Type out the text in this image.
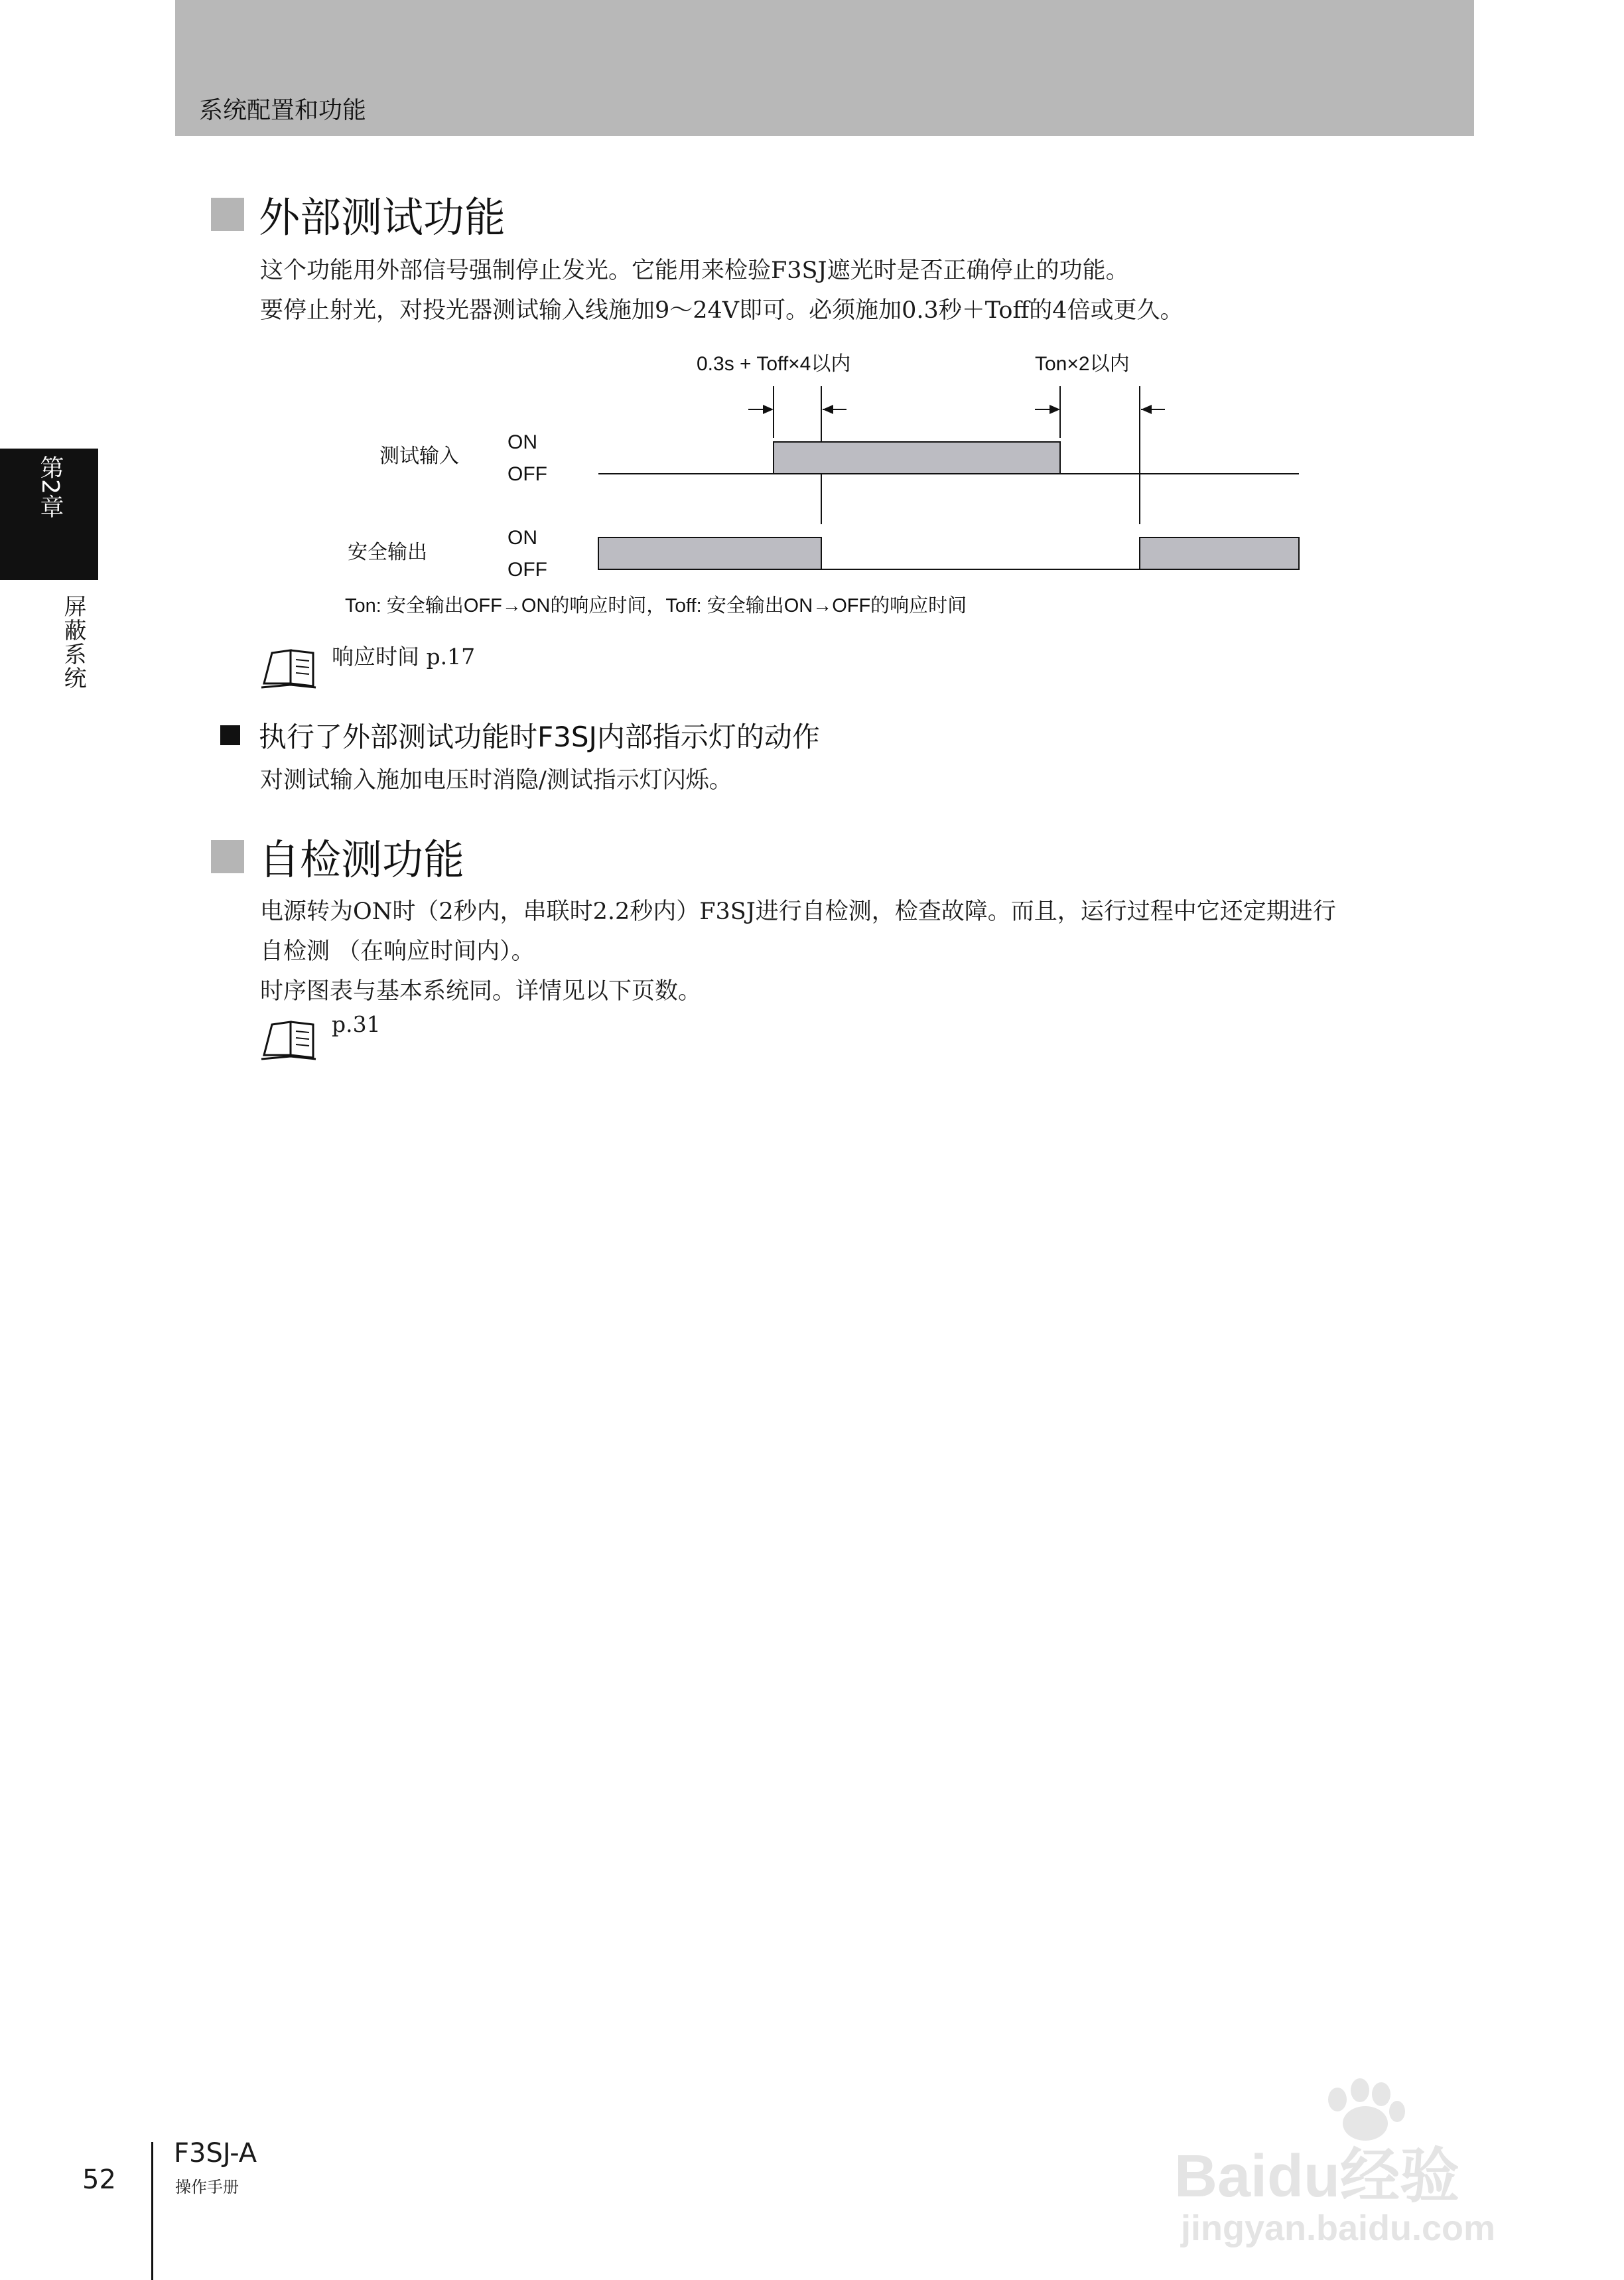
系统配置和功能
第2章
屏蔽系统
外部测试功能
这个功能用外部信号强制停止发光。它能用来检验F3SJ遮光时是否正确停止的功能。
要停止射光，对投光器测试输入线施加9～24V即可。必须施加0.3秒＋Toff的4倍或更久。
0.3s + Toff×4以内	Ton×2以内
测试输入
ON
OFF
安全输出
ON
OFF
Ton: 安全输出OFF→ON的响应时间，Toff: 安全输出ON→OFF的响应时间
响应时间 p.17
执行了外部测试功能时F3SJ内部指示灯的动作
对测试输入施加电压时消隐/测试指示灯闪烁。
自检测功能
电源转为ON时（2秒内，串联时2.2秒内）F3SJ进行自检测，检查故障。而且，运行过程中它还定期进行
自检测 （在响应时间内）。
时序图表与基本系统同。详情见以下页数。
p.31
52
F3SJ-A
操作手册	Baidu经验
jingyan.baidu.com
